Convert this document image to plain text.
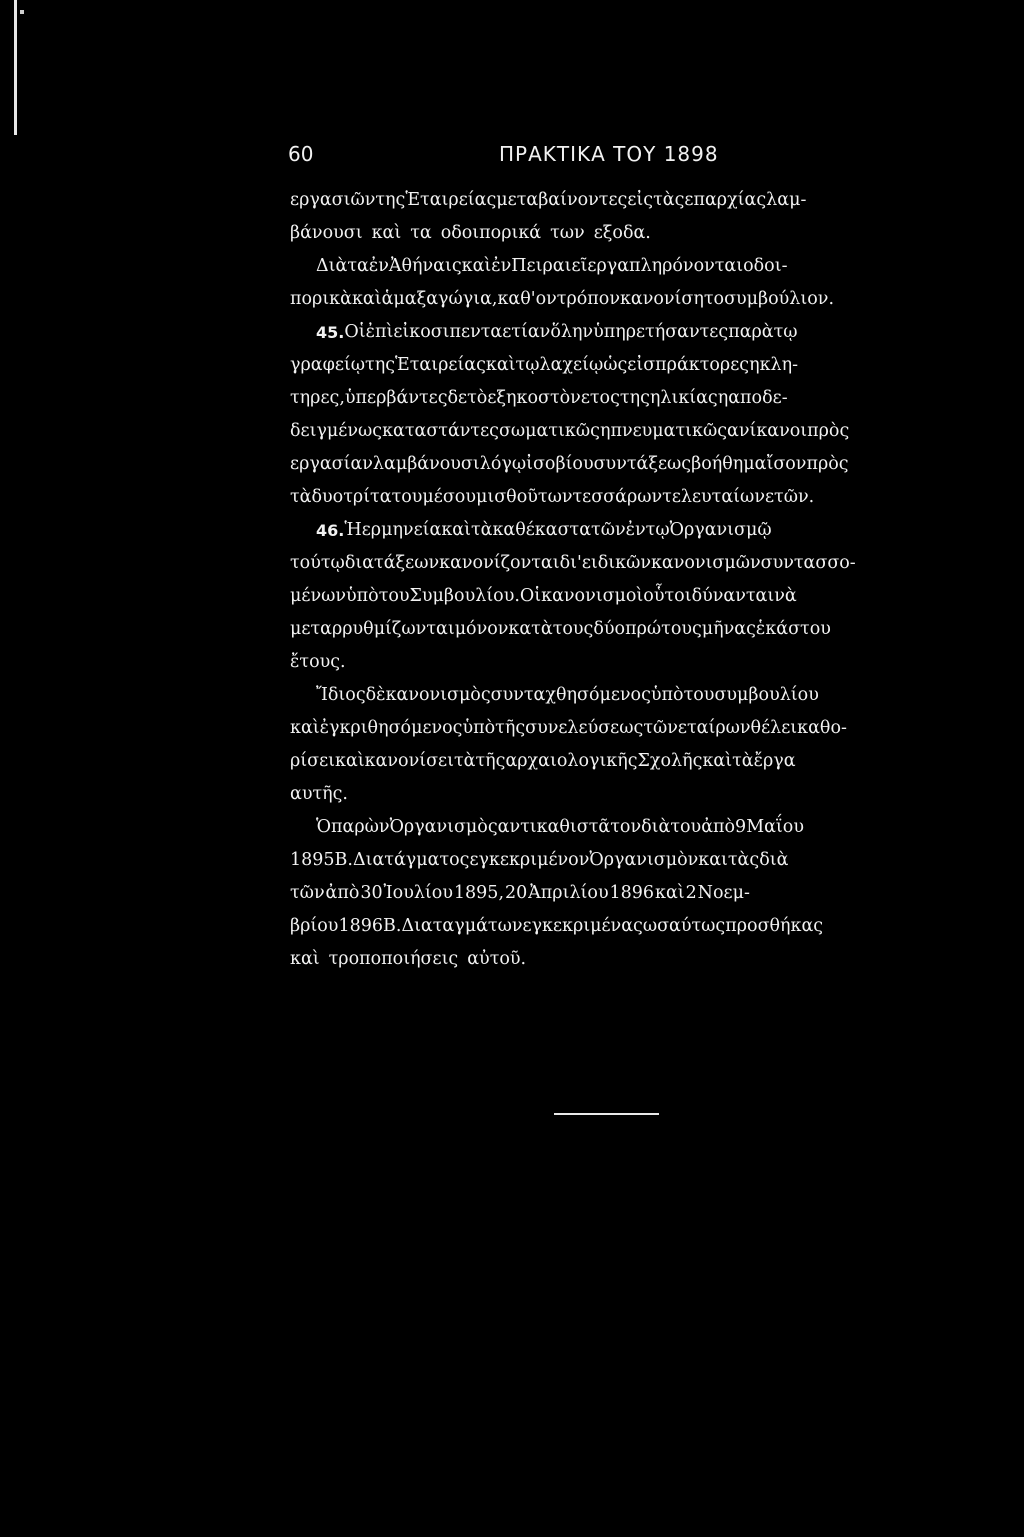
60	ΠΡΑΚΤΙΚΑ ΤΟΥ 1898
εργασιῶν της Ἑταιρείας μεταβαίνοντες εἰς τὰς επαρχίας λαμ-
βάνουσι καὶ τα οδοιπορικά των εξοδα.
Διὰ τα ἐν Ἀθήναις καὶ ἐν Πειραιεῖ εργα πληρόνονται οδοι-
πορικὰ καὶ ἁμαξαγώγια, καθ' ον τρόπον κανονίση το συμβούλιον.
45. Οἱ ἐπὶ εἰκοσιπενταετίαν ὅλην ὑπηρετήσαντες παρὰ τῳ
γραφείῳ της Ἑταιρείας καὶ τῳ λαχείῳ ὡς εἰσπράκτορες η κλη-
τηρες, ὑπερβάντες δε τὸ εξηκοστὸν ετος της ηλικίας η αποδε-
δειγμένως καταστάντες σωματικῶς η πνευματικῶς ανίκανοι πρὸς
εργασίαν λαμβάνουσι λόγῳ ἰσοβίου συντάξεως βοήθημα ἴσον πρὸς
τὰ δυο τρίτα του μέσου μισθοῦ των τεσσάρων τελευταίων ετῶν.
46. Ἡ ερμηνεία καὶ τὰ καθέκαστα τῶν ἐν τῳ Ὀργανισμῷ
τούτῳ διατάξεων κανονίζονται δι' ειδικῶν κανονισμῶν συντασσο-
μένων ὑπὸ του Συμβουλίου. Οἱ κανονισμοὶ οὗτοι δύνανται νὰ
μεταρρυθμίζωνται μόνον κατὰ τους δύο πρώτους μῆνας ἑκάστου
ἔτους.
Ἴδιος δὲ κανονισμὸς συνταχθησόμενος ὑπὸ του συμβουλίου
καὶ ἐγκριθησόμενος ὑπὸ τῆς συνελεύσεως τῶν εταίρων θέλει καθο-
ρίσει καὶ κανονίσει τὰ τῆς αρχαιολογικῆς Σχολῆς καὶ τὰ ἔργα
αυτῆς.
Ὁ παρὼν Ὀργανισμὸς αντικαθιστᾶ τον διὰ του ἀπὸ 9 Μαΐου
1895 Β. Διατάγματος εγκεκριμένον Ὀργανισμὸν και τὰς διὰ
τῶν ἀπὸ 30 Ἰουλίου 1895, 20 Ἀπριλίου 1896 καὶ 2 Νοεμ-
βρίου 1896 Β. Διαταγμάτων εγκεκριμένας ωσαύτως προσθήκας
καὶ τροποποιήσεις αὐτοῦ.
